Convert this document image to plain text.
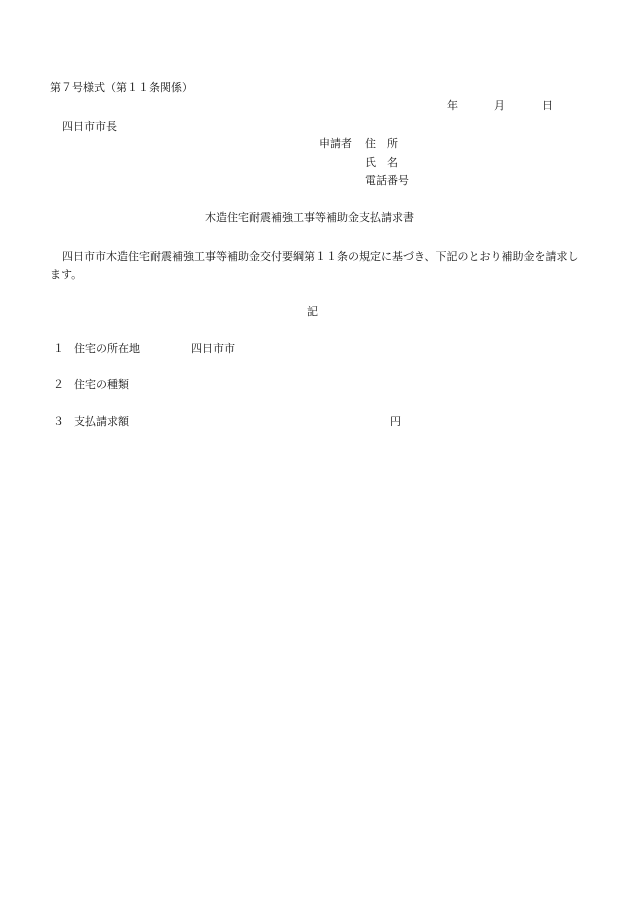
第７号様式（第１１条関係）
年	月	日
四日市市長
申請者 住　所
氏　名
電話番号
木造住宅耐震補強工事等補助金支払請求書
四日市市木造住宅耐震補強工事等補助金交付要綱第１１条の規定に基づき、下記のとおり補助金を請求します。
記
１ 住宅の所在地	四日市市
２ 住宅の種類
３ 支払請求額	円
